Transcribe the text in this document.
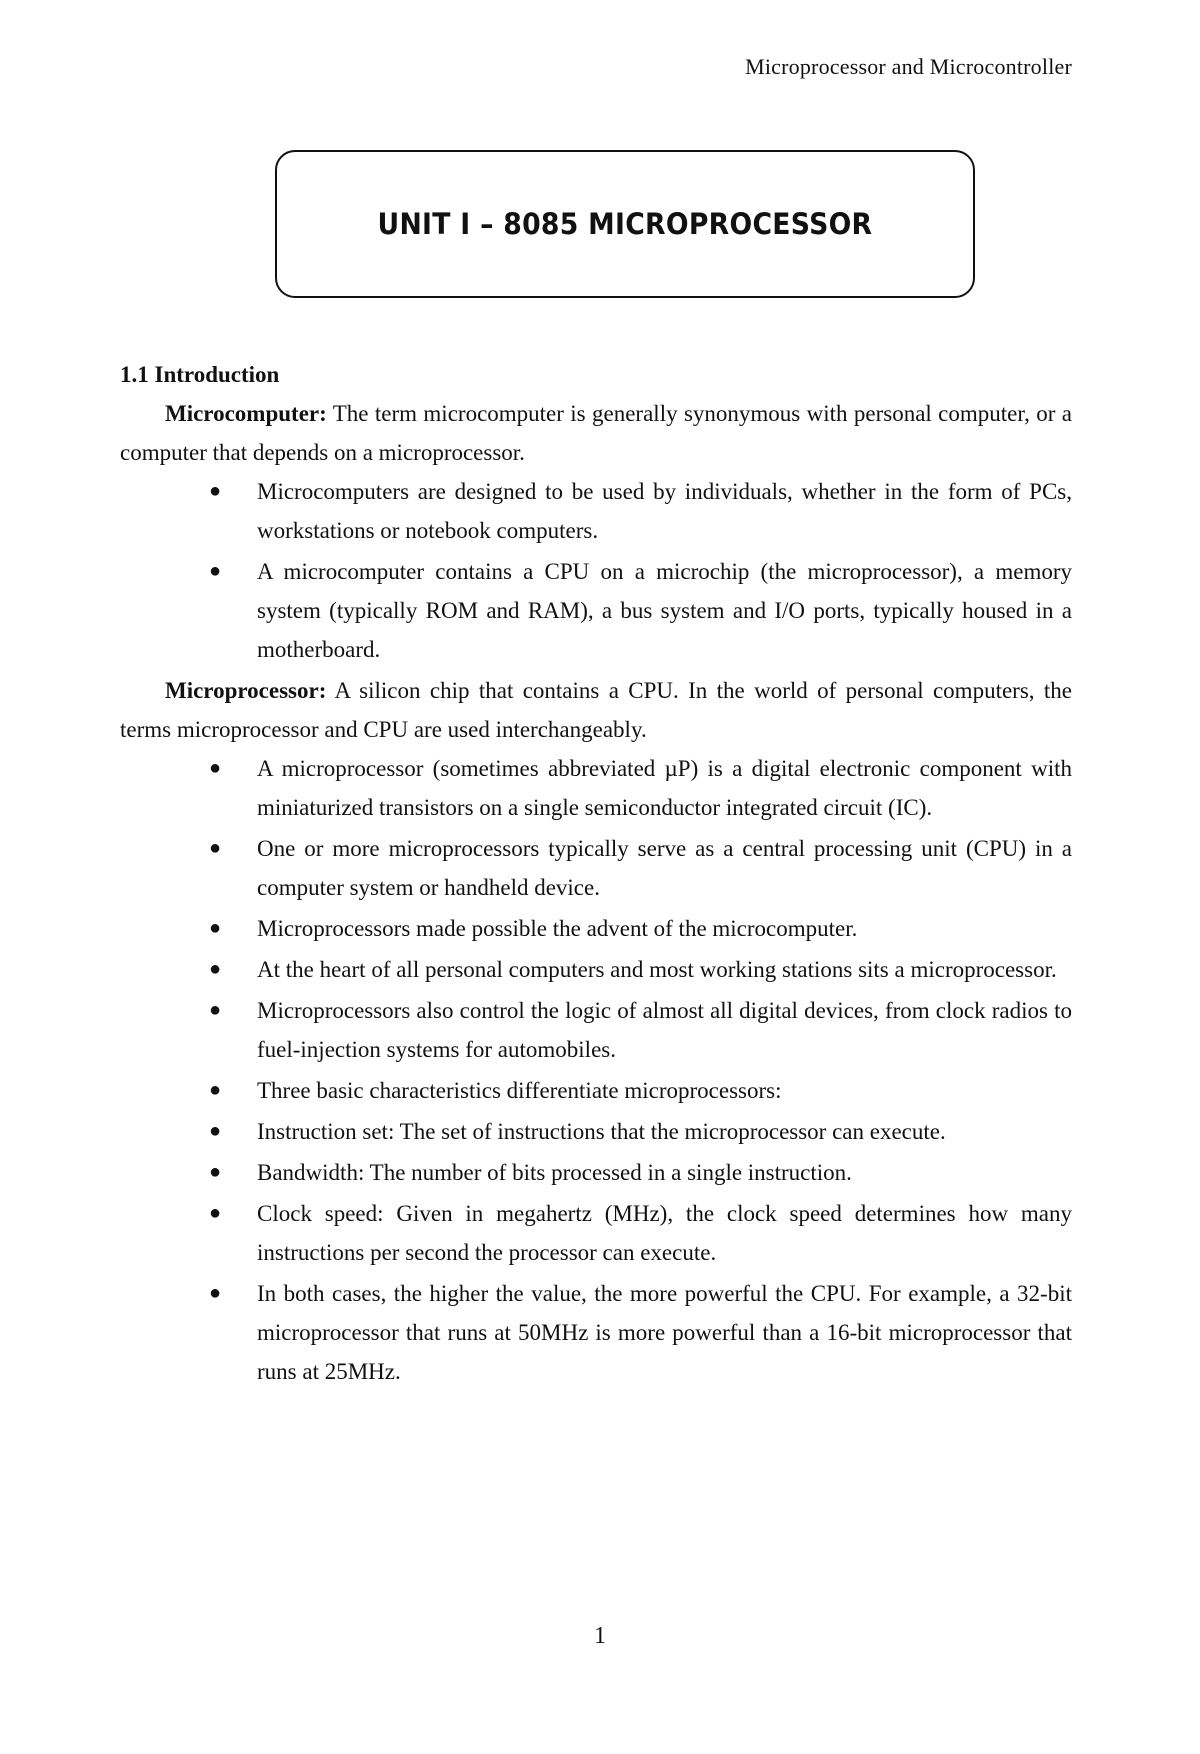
Microprocessor and Microcontroller
UNIT I – 8085 MICROPROCESSOR

1.1 Introduction

Microcomputer: The term microcomputer is generally synonymous with personal computer, or a computer that depends on a microprocessor.

● Microcomputers are designed to be used by individuals, whether in the form of PCs, workstations or notebook computers.
● A microcomputer contains a CPU on a microchip (the microprocessor), a memory system (typically ROM and RAM), a bus system and I/O ports, typically housed in a motherboard.

Microprocessor: A silicon chip that contains a CPU. In the world of personal computers, the terms microprocessor and CPU are used interchangeably.

● A microprocessor (sometimes abbreviated µP) is a digital electronic component with miniaturized transistors on a single semiconductor integrated circuit (IC).
● One or more microprocessors typically serve as a central processing unit (CPU) in a computer system or handheld device.
● Microprocessors made possible the advent of the microcomputer.
● At the heart of all personal computers and most working stations sits a microprocessor.
● Microprocessors also control the logic of almost all digital devices, from clock radios to fuel-injection systems for automobiles.
● Three basic characteristics differentiate microprocessors:
● Instruction set: The set of instructions that the microprocessor can execute.
● Bandwidth: The number of bits processed in a single instruction.
● Clock speed: Given in megahertz (MHz), the clock speed determines how many instructions per second the processor can execute.
● In both cases, the higher the value, the more powerful the CPU. For example, a 32-bit microprocessor that runs at 50MHz is more powerful than a 16-bit microprocessor that runs at 25MHz.
1
